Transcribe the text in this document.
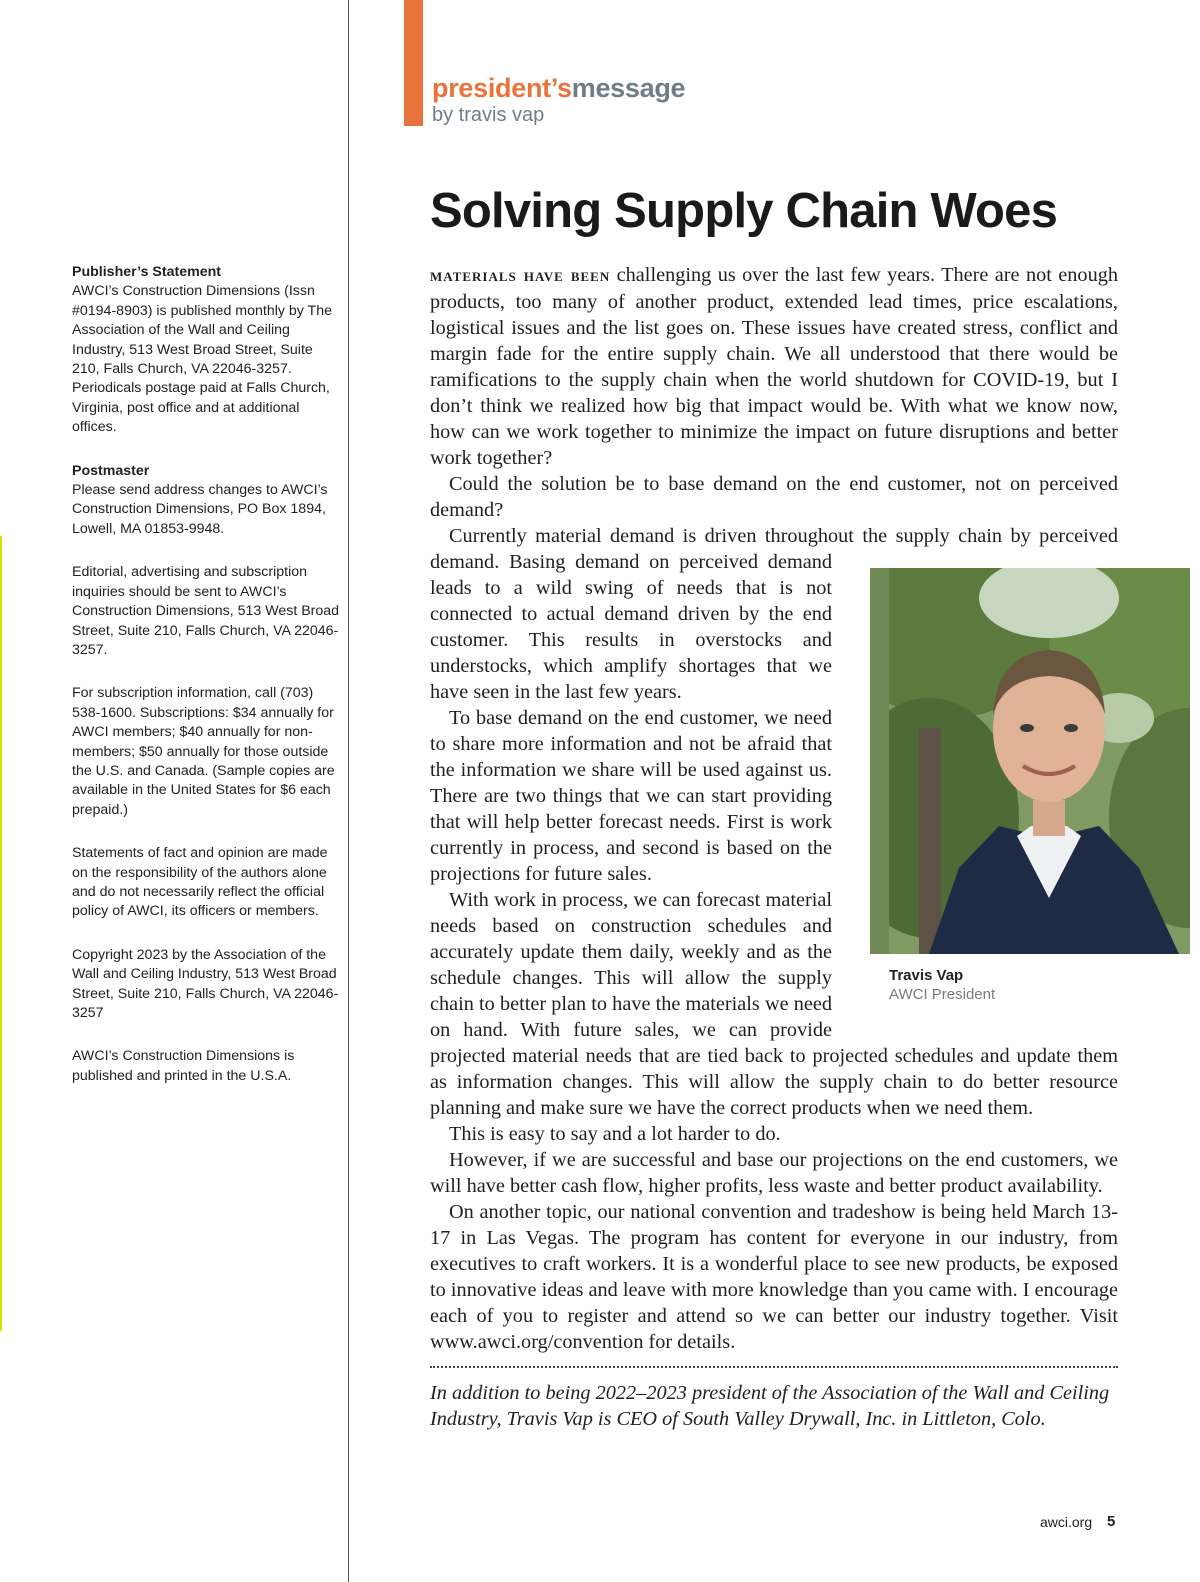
president’smessage
by travis vap
Solving Supply Chain Woes
Publisher’s Statement
AWCI’s Construction Dimensions (Issn #0194-8903) is published monthly by The Association of the Wall and Ceiling Industry, 513 West Broad Street, Suite 210, Falls Church, VA 22046-3257. Periodicals postage paid at Falls Church, Virginia, post office and at additional offices.
Postmaster
Please send address changes to AWCI’s Construction Dimensions, PO Box 1894, Lowell, MA 01853-9948.
Editorial, advertising and subscription inquiries should be sent to AWCI’s Construction Dimensions, 513 West Broad Street, Suite 210, Falls Church, VA 22046-3257.
For subscription information, call (703) 538-1600. Subscriptions: $34 annually for AWCI members; $40 annually for non-members; $50 annually for those outside the U.S. and Canada. (Sample copies are available in the United States for $6 each prepaid.)
Statements of fact and opinion are made on the responsibility of the authors alone and do not necessarily reflect the official policy of AWCI, its officers or members.
Copyright 2023 by the Association of the Wall and Ceiling Industry, 513 West Broad Street, Suite 210, Falls Church, VA 22046-3257
AWCI’s Construction Dimensions is published and printed in the U.S.A.

materials have been challenging us over the last few years. There are not enough products, too many of another product, extended lead times, price escalations, logistical issues and the list goes on. These issues have created stress, conflict and margin fade for the entire supply chain. We all understood that there would be ramifications to the supply chain when the world shutdown for COVID-19, but I don’t think we realized how big that impact would be. With what we know now, how can we work together to minimize the impact on future disruptions and better work together?

Could the solution be to base demand on the end customer, not on perceived demand?

Currently material demand is driven throughout the supply chain by perceived demand.
Travis Vap
AWCI President
Basing demand on perceived demand leads to a wild swing of needs that is not connected to actual demand driven by the end customer. This results in overstocks and understocks, which amplify shortages that we have seen in the last few years.

To base demand on the end customer, we need to share more information and not be afraid that the information we share will be used against us. There are two things that we can start providing that will help better forecast needs. First is work currently in process, and second is based on the projections for future sales.

With work in process, we can forecast material needs based on construction schedules and accurately update them daily, weekly and as the schedule changes. This will allow the supply chain to better plan to have the materials we need on hand. With future sales, we can provide projected material needs that are tied back to projected schedules and update them as information changes. This will allow the supply chain to do better resource planning and make sure we have the correct products when we need them.

This is easy to say and a lot harder to do.

However, if we are successful and base our projections on the end customers, we will have better cash flow, higher profits, less waste and better product availability.

On another topic, our national convention and tradeshow is being held March 13-17 in Las Vegas. The program has content for everyone in our industry, from executives to craft workers. It is a wonderful place to see new products, be exposed to innovative ideas and leave with more knowledge than you came with. I encourage each of you to register and attend so we can better our industry together. Visit www.awci.org/convention for details.

In addition to being 2022–2023 president of the Association of the Wall and Ceiling Industry, Travis Vap is CEO of South Valley Drywall, Inc. in Littleton, Colo.
awci.org 5
